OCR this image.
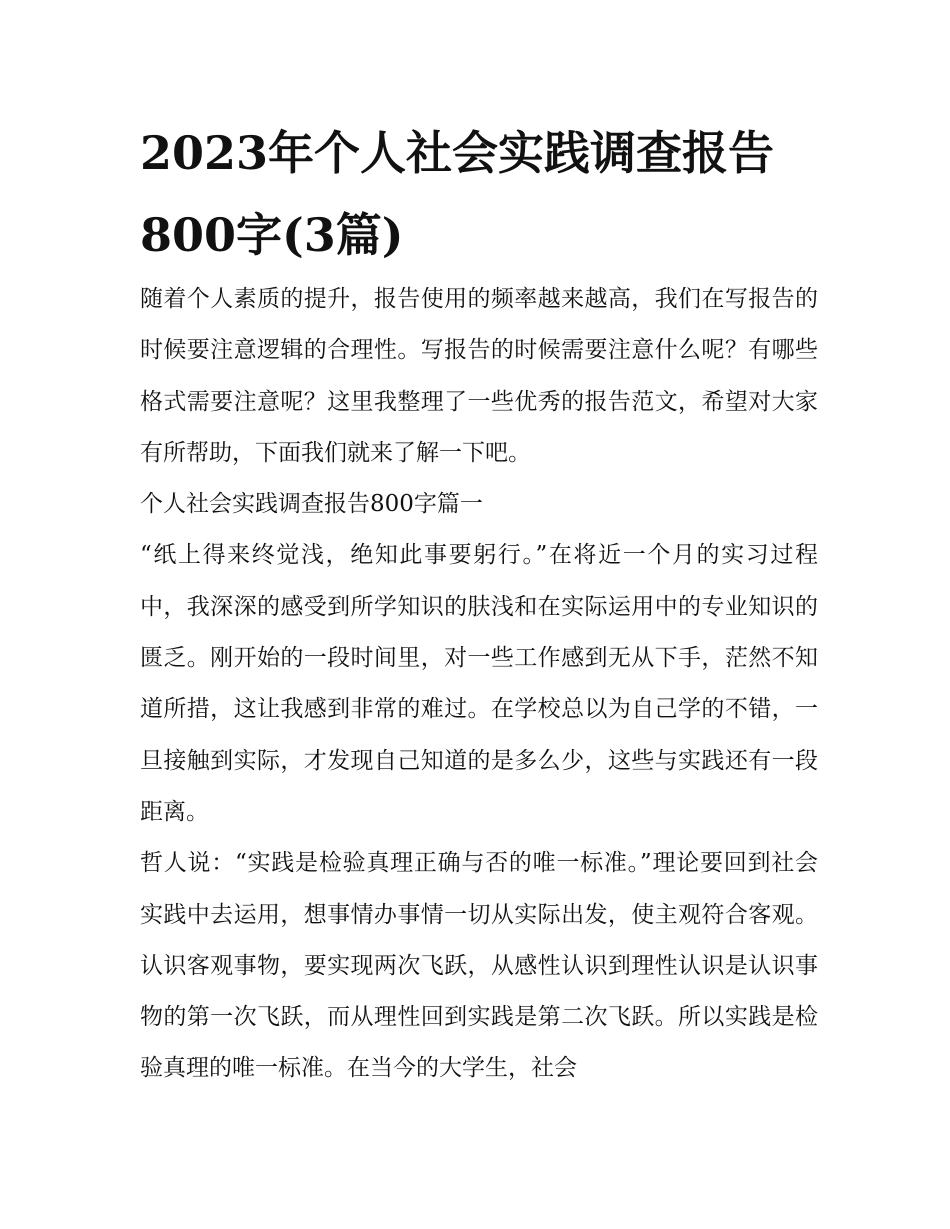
2023年个人社会实践调查报告800字(3篇)

随着个人素质的提升，报告使用的频率越来越高，我们在写报告的时候要注意逻辑的合理性。写报告的时候需要注意什么呢？有哪些格式需要注意呢？这里我整理了一些优秀的报告范文，希望对大家有所帮助，下面我们就来了解一下吧。

个人社会实践调查报告800字篇一

“纸上得来终觉浅，绝知此事要躬行。”在将近一个月的实习过程中，我深深的感受到所学知识的肤浅和在实际运用中的专业知识的匮乏。刚开始的一段时间里，对一些工作感到无从下手，茫然不知道所措，这让我感到非常的难过。在学校总以为自己学的不错，一旦接触到实际，才发现自己知道的是多么少，这些与实践还有一段距离。

哲人说：“实践是检验真理正确与否的唯一标准。”理论要回到社会实践中去运用，想事情办事情一切从实际出发，使主观符合客观。认识客观事物，要实现两次飞跃，从感性认识到理性认识是认识事物的第一次飞跃，而从理性回到实践是第二次飞跃。所以实践是检验真理的唯一标准。在当今的大学生，社会
